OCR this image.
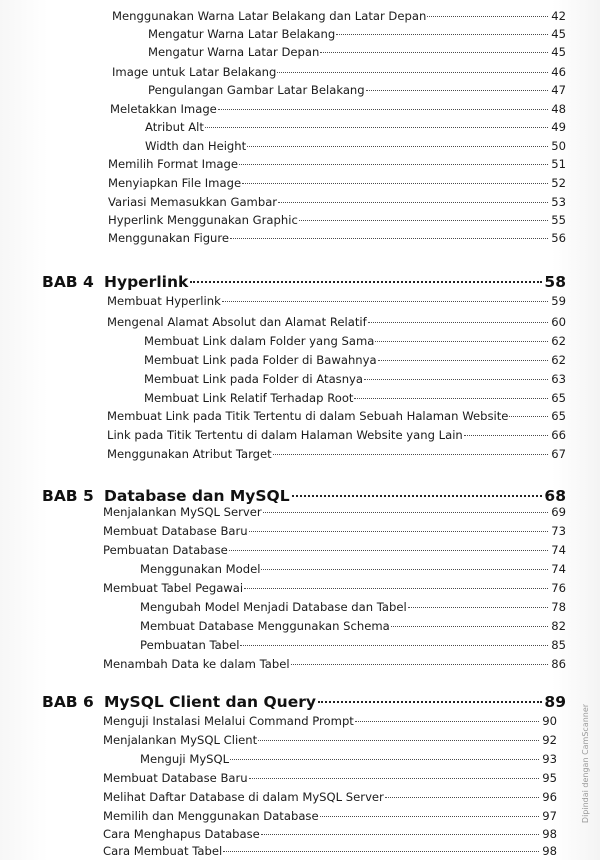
Menggunakan Warna Latar Belakang dan Latar Depan	42
Mengatur Warna Latar Belakang	45
Mengatur Warna Latar Depan	45
Image untuk Latar Belakang	46
Pengulangan Gambar Latar Belakang	47
Meletakkan Image	48
Atribut Alt	49
Width dan Height	50
Memilih Format Image	51
Menyiapkan File Image	52
Variasi Memasukkan Gambar	53
Hyperlink Menggunakan Graphic	55
Menggunakan Figure	56
BAB 4 Hyperlink	58
Membuat Hyperlink	59
Mengenal Alamat Absolut dan Alamat Relatif	60
Membuat Link dalam Folder yang Sama	62
Membuat Link pada Folder di Bawahnya	62
Membuat Link pada Folder di Atasnya	63
Membuat Link Relatif Terhadap Root	65
Membuat Link pada Titik Tertentu di dalam Sebuah Halaman Website	65
Link pada Titik Tertentu di dalam Halaman Website yang Lain	66
Menggunakan Atribut Target	67
BAB 5 Database dan MySQL	68
Menjalankan MySQL Server	69
Membuat Database Baru	73
Pembuatan Database	74
Menggunakan Model	74
Membuat Tabel Pegawai	76
Mengubah Model Menjadi Database dan Tabel	78
Membuat Database Menggunakan Schema	82
Pembuatan Tabel	85
Menambah Data ke dalam Tabel	86
BAB 6 MySQL Client dan Query	89
Menguji Instalasi Melalui Command Prompt	90
Menjalankan MySQL Client	92
Menguji MySQL	93
Membuat Database Baru	95
Melihat Daftar Database di dalam MySQL Server	96
Memilih dan Menggunakan Database	97
Cara Menghapus Database	98
Cara Membuat Tabel	98
Dipindai dengan CamScanner
